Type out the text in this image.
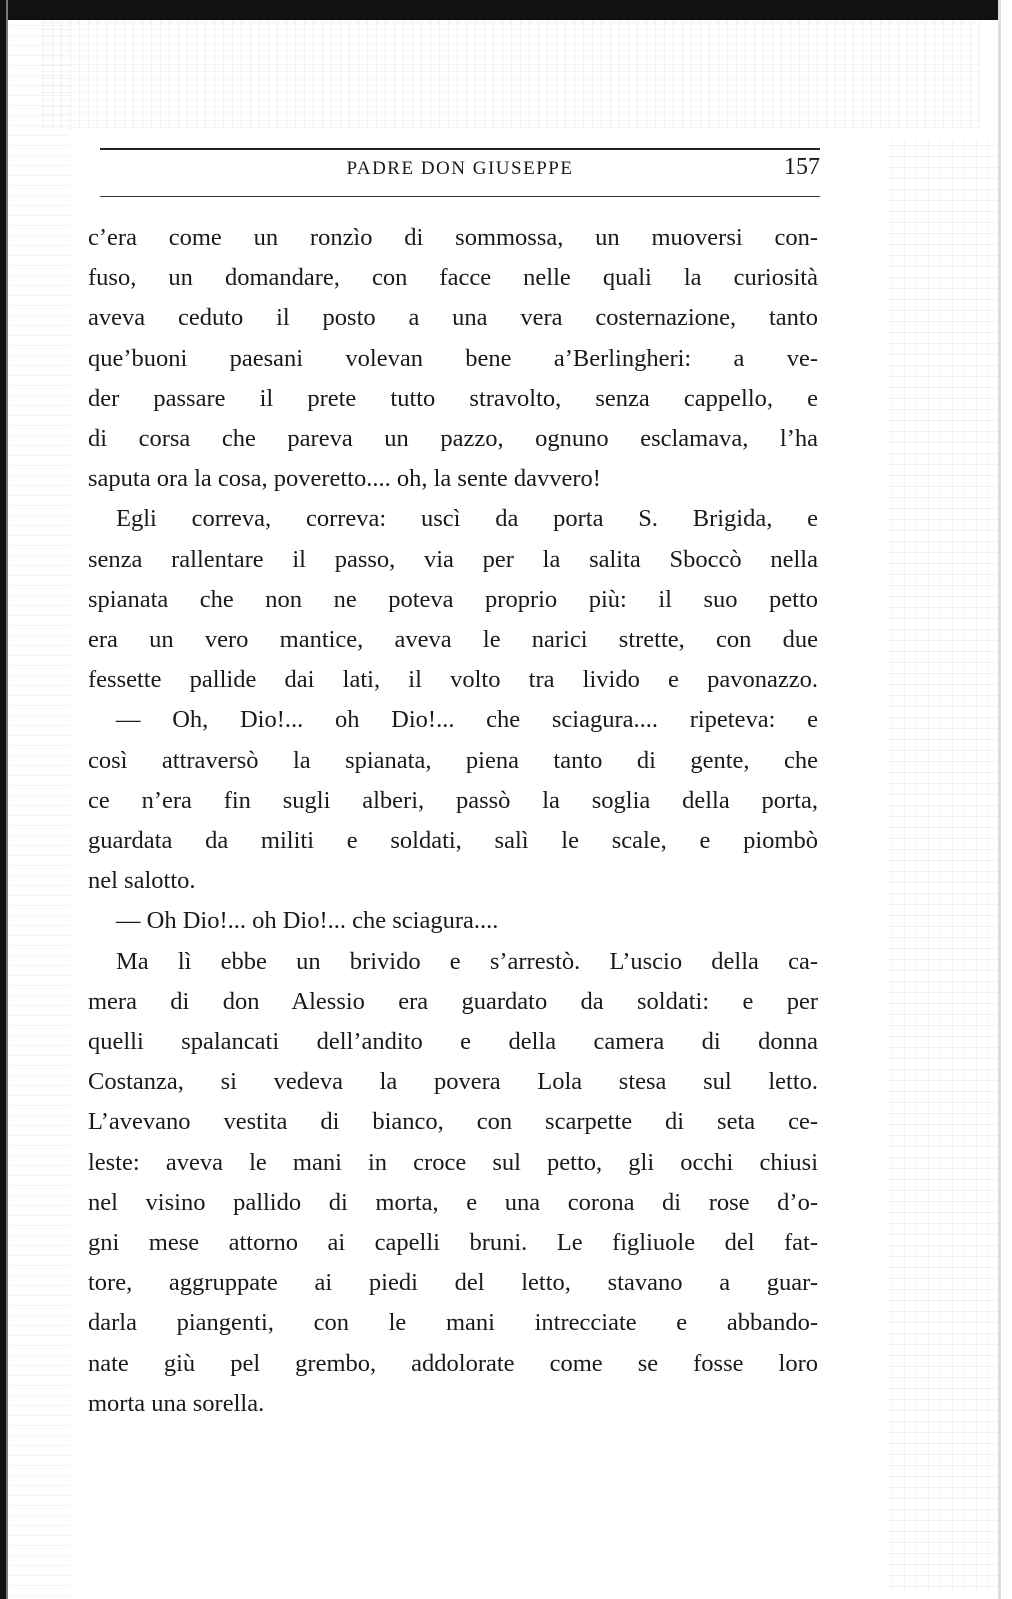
PADRE DON GIUSEPPE	157
c’era come un ronzìo di sommossa, un muoversi con-
fuso, un domandare, con facce nelle quali la curiosità
aveva ceduto il posto a una vera costernazione, tanto
que’buoni paesani volevan bene a’Berlingheri: a ve-
der passare il prete tutto stravolto, senza cappello, e
di corsa che pareva un pazzo, ognuno esclamava, l’ha
saputa ora la cosa, poveretto.... oh, la sente davvero!
Egli correva, correva: uscì da porta S. Brigida, e
senza rallentare il passo, via per la salita Sboccò nella
spianata che non ne poteva proprio più: il suo petto
era un vero mantice, aveva le narici strette, con due
fessette pallide dai lati, il volto tra livido e pavonazzo.
— Oh, Dio!... oh Dio!... che sciagura.... ripeteva: e
così attraversò la spianata, piena tanto di gente, che
ce n’era fin sugli alberi, passò la soglia della porta,
guardata da militi e soldati, salì le scale, e piombò
nel salotto.
— Oh Dio!... oh Dio!... che sciagura....
Ma lì ebbe un brivido e s’arrestò. L’uscio della ca-
mera di don Alessio era guardato da soldati: e per
quelli spalancati dell’andito e della camera di donna
Costanza, si vedeva la povera Lola stesa sul letto.
L’avevano vestita di bianco, con scarpette di seta ce-
leste: aveva le mani in croce sul petto, gli occhi chiusi
nel visino pallido di morta, e una corona di rose d’o-
gni mese attorno ai capelli bruni. Le figliuole del fat-
tore, aggruppate ai piedi del letto, stavano a guar-
darla piangenti, con le mani intrecciate e abbando-
nate giù pel grembo, addolorate come se fosse loro
morta una sorella.
